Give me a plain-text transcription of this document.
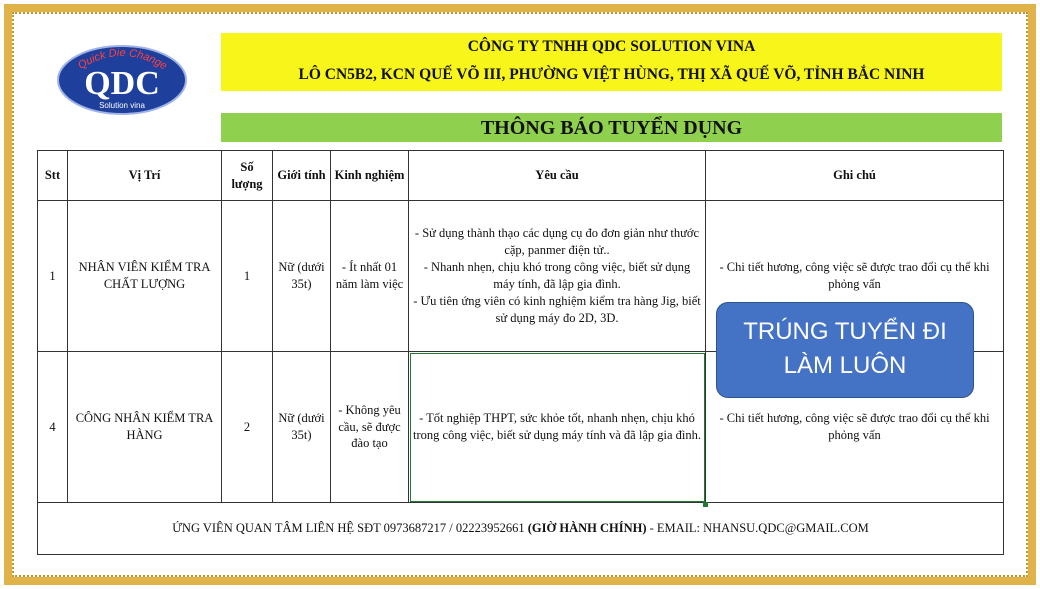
Quick Die Change
QDC
Solution vina
CÔNG TY TNHH QDC SOLUTION VINA
LÔ CN5B2, KCN QUẾ VÕ III, PHƯỜNG VIỆT HÙNG, THỊ XÃ QUẾ VÕ, TỈNH BẮC NINH
THÔNG BÁO TUYỂN DỤNG
Stt	Vị Trí	Số lượng	Giới tính	Kinh nghiệm	Yêu cầu	Ghi chú
1	NHÂN VIÊN KIỂM TRA CHẤT LƯỢNG	1	Nữ (dưới 35t)	- Ít nhất 01 năm làm việc	- Sử dụng thành thạo các dụng cụ đo đơn giản như thước cặp, panmer điện tử..
- Nhanh nhẹn, chịu khó trong công việc, biết sử dụng máy tính, đã lập gia đình.
- Ưu tiên ứng viên có kinh nghiệm kiểm tra hàng Jig, biết sử dụng máy đo 2D, 3D.	- Chi tiết hương, công việc sẽ được trao đổi cụ thể khi phỏng vấn
4	CÔNG NHÂN KIỂM TRA HÀNG	2	Nữ (dưới 35t)	- Không yêu cầu, sẽ được đào tạo	- Tốt nghiệp THPT, sức khỏe tốt, nhanh nhẹn, chịu khó trong công việc, biết sử dụng máy tính và đã lập gia đình.	- Chi tiết hương, công việc sẽ được trao đổi cụ thể khi phỏng vấn
ỨNG VIÊN QUAN TÂM LIÊN HỆ SĐT 0973687217 / 02223952661 (GIỜ HÀNH CHÍNH) - EMAIL: NHANSU.QDC@GMAIL.COM						
TRÚNG TUYỂN ĐI
LÀM LUÔN
